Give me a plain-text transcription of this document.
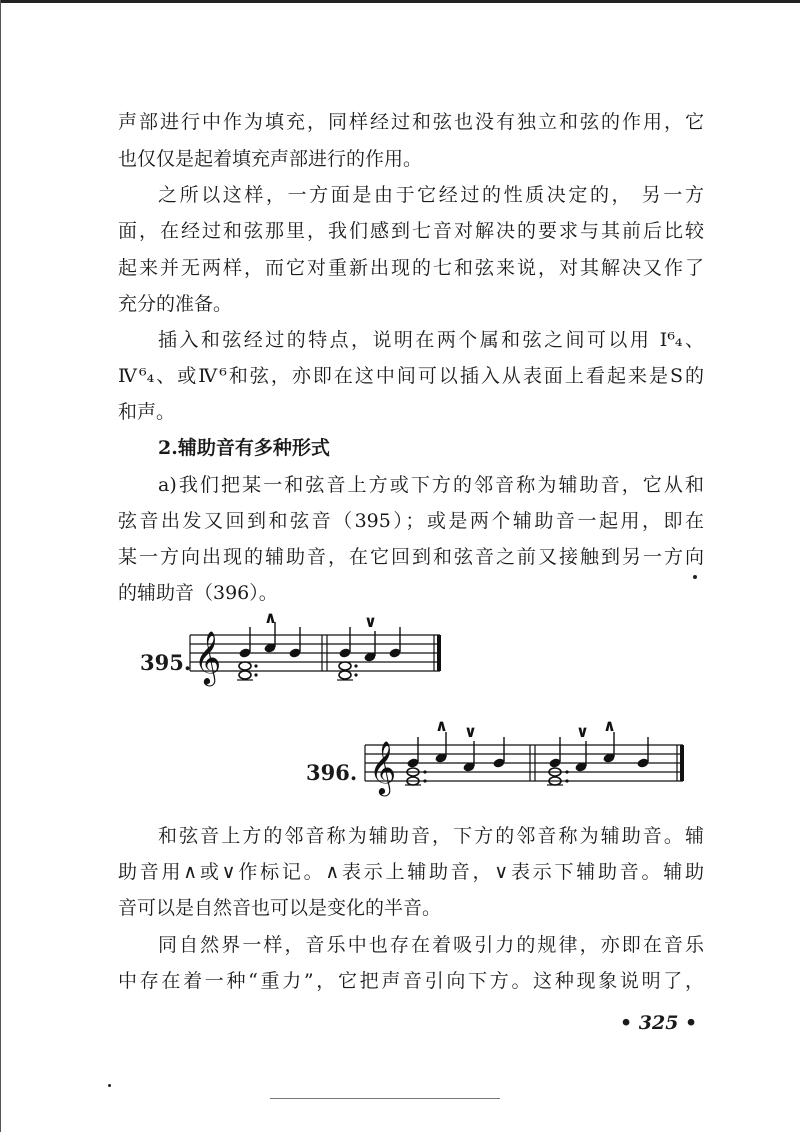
声部进行中作为填充，同样经过和弦也没有独立和弦的作用，它
也仅仅是起着填充声部进行的作用。
之所以这样，一方面是由于它经过的性质决定的， 另一方
面，在经过和弦那里，我们感到七音对解决的要求与其前后比较
起来并无两样，而它对重新出现的七和弦来说，对其解决又作了
充分的准备。
插入和弦经过的特点，说明在两个属和弦之间可以用 I⁶₄、
Ⅳ⁶₄、或Ⅳ⁶和弦，亦即在这中间可以插入从表面上看起来是S的
和声。
2.辅助音有多种形式
a)我们把某一和弦音上方或下方的邻音称为辅助音，它从和
弦音出发又回到和弦音（395）；或是两个辅助音一起用，即在
某一方向出现的辅助音，在它回到和弦音之前又接触到另一方向
的辅助音（396）。
395. 𝄞
∧	∨
396. 𝄞
∧ ∨	∨ ∧
和弦音上方的邻音称为辅助音，下方的邻音称为辅助音。辅
助音用∧或∨作标记。∧表示上辅助音，∨表示下辅助音。辅助
音可以是自然音也可以是变化的半音。
同自然界一样，音乐中也存在着吸引力的规律，亦即在音乐
中存在着一种“重力”，它把声音引向下方。这种现象说明了，
• 325 •
